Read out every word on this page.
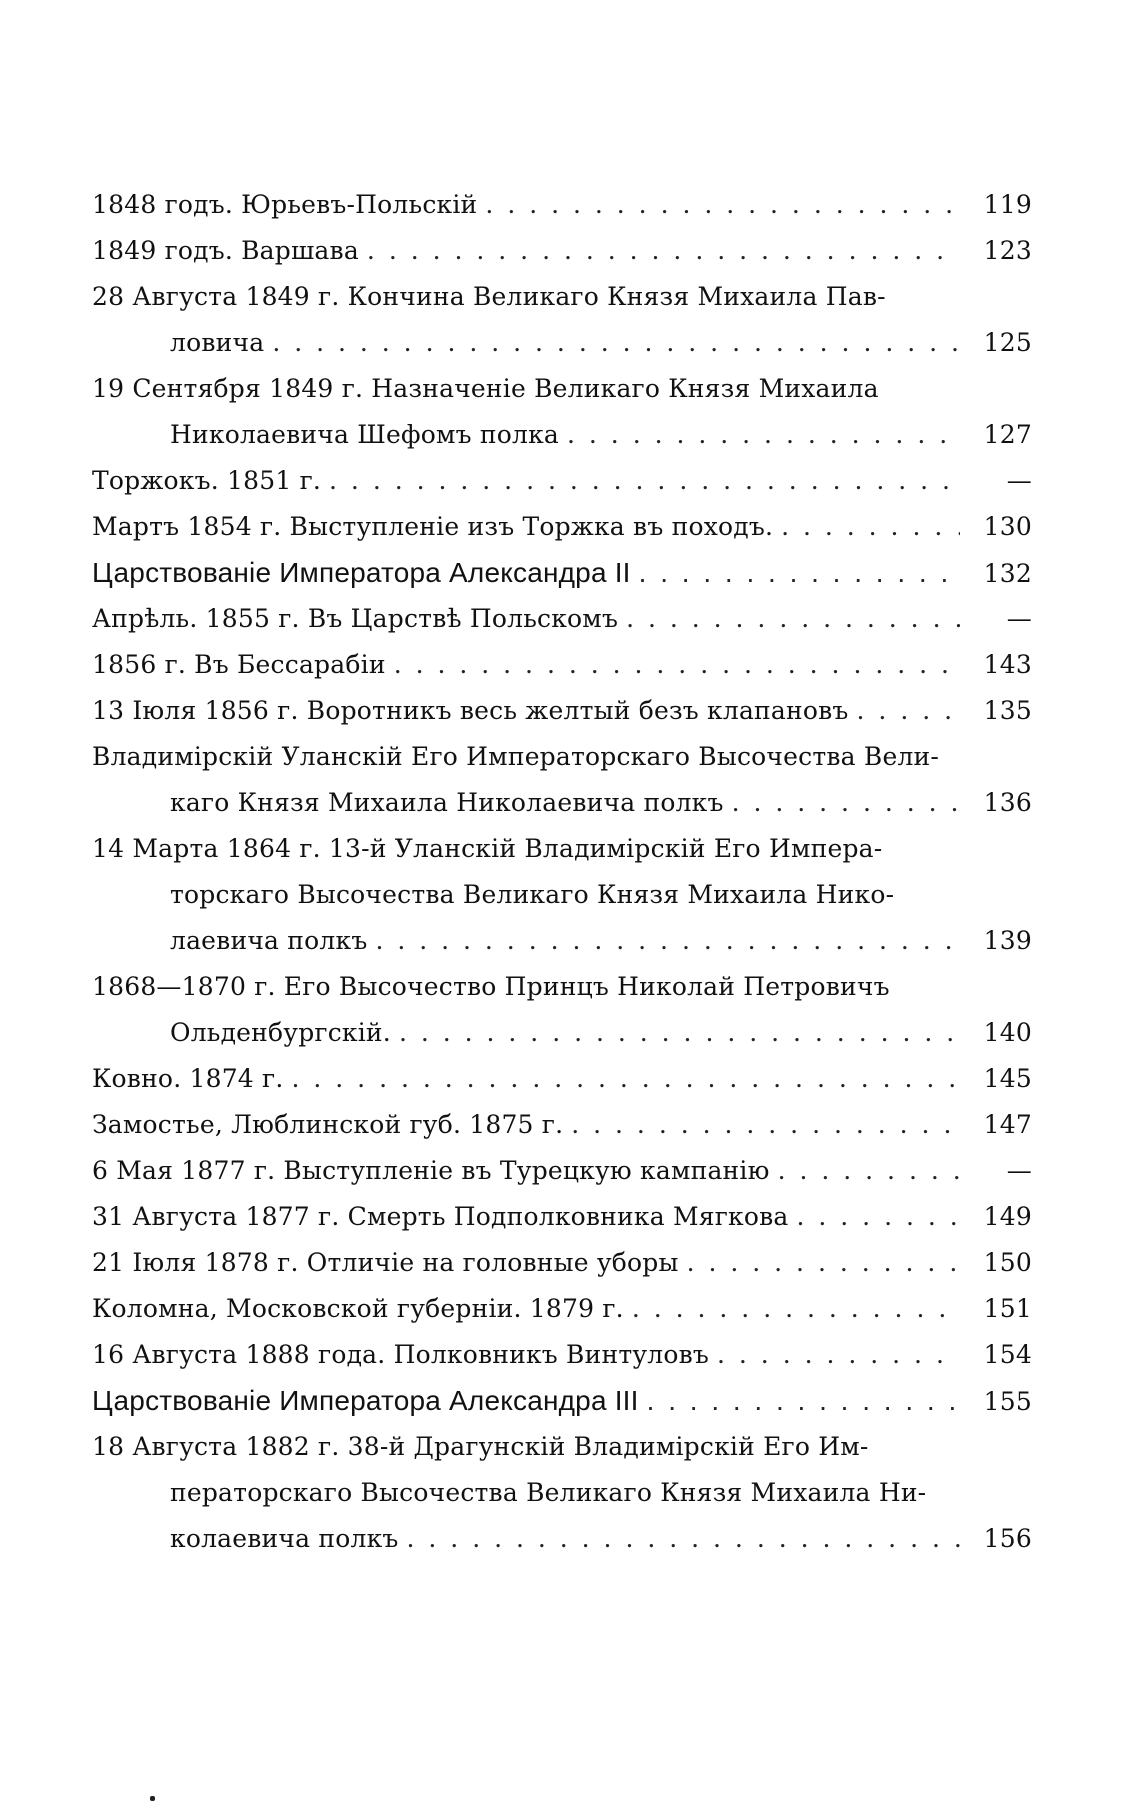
1848 годъ. Юрьевъ-Польскій . . .	119
1849 годъ. Варшава . . .	123
28 Августа 1849 г. Кончина Великаго Князя Михаила Пав-
ловича . . .	125
19 Сентября 1849 г. Назначеніе Великаго Князя Михаила
Николаевича Шефомъ полка . . .	127
Торжокъ. 1851 г. . . .	—
Мартъ 1854 г. Выступленіе изъ Торжка въ походъ. . . .	130
Царствованіе Императора Александра II . . .	132
Апрѣль. 1855 г. Въ Царствѣ Польскомъ . . .	—
1856 г. Въ Бессарабіи . . .	143
13 Іюля 1856 г. Воротникъ весь желтый безъ клапановъ . . .	135
Владимірскій Уланскій Его Императорскаго Высочества Вели-
каго Князя Михаила Николаевича полкъ . . .	136
14 Марта 1864 г. 13-й Уланскій Владимірскій Его Импера-
торскаго Высочества Великаго Князя Михаила Нико-
лаевича полкъ . . .	139
1868—1870 г. Его Высочество Принцъ Николай Петровичъ
Ольденбургскій. . . .	140
Ковно. 1874 г. . . .	145
Замостье, Люблинской губ. 1875 г. . . .	147
6 Мая 1877 г. Выступленіе въ Турецкую кампанію . . .	—
31 Августа 1877 г. Смерть Подполковника Мягкова . . .	149
21 Іюля 1878 г. Отличіе на головные уборы . . .	150
Коломна, Московской губерніи. 1879 г. . . .	151
16 Августа 1888 года. Полковникъ Винтуловъ . . .	154
Царствованіе Императора Александра III . . .	155
18 Августа 1882 г. 38-й Драгунскій Владимірскій Его Им-
ператорскаго Высочества Великаго Князя Михаила Ни-
колаевича полкъ . . .	156
